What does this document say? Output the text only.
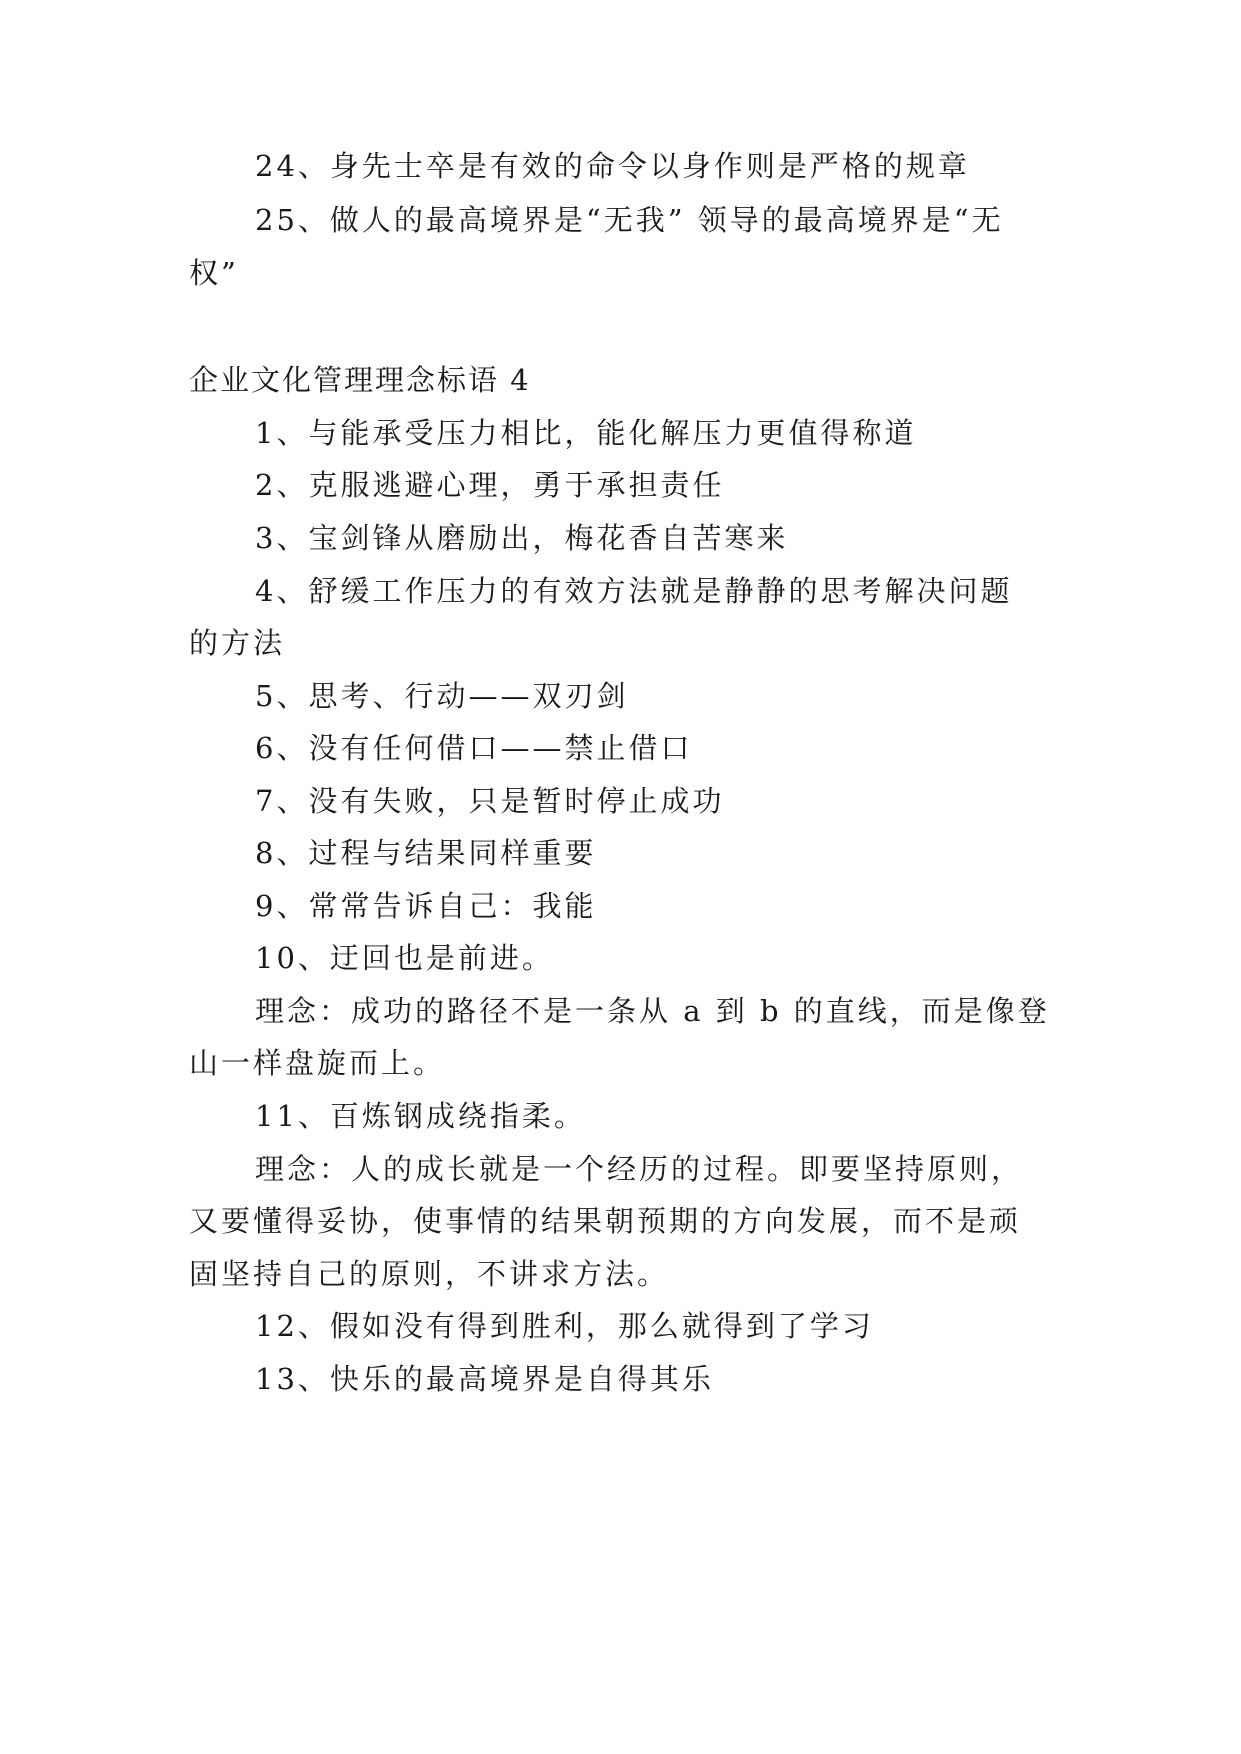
24、身先士卒是有效的命令以身作则是严格的规章
25、做人的最高境界是“无我” 领导的最高境界是“无
权”
企业文化管理理念标语 4
1、与能承受压力相比，能化解压力更值得称道
2、克服逃避心理，勇于承担责任
3、宝剑锋从磨励出，梅花香自苦寒来
4、舒缓工作压力的有效方法就是静静的思考解决问题
的方法
5、思考、行动——双刃剑
6、没有任何借口——禁止借口
7、没有失败，只是暂时停止成功
8、过程与结果同样重要
9、常常告诉自己：我能
10、迂回也是前进。
理念：成功的路径不是一条从 a 到 b 的直线，而是像登
山一样盘旋而上。
11、百炼钢成绕指柔。
理念：人的成长就是一个经历的过程。即要坚持原则，
又要懂得妥协，使事情的结果朝预期的方向发展，而不是顽
固坚持自己的原则，不讲求方法。
12、假如没有得到胜利，那么就得到了学习
13、快乐的最高境界是自得其乐
